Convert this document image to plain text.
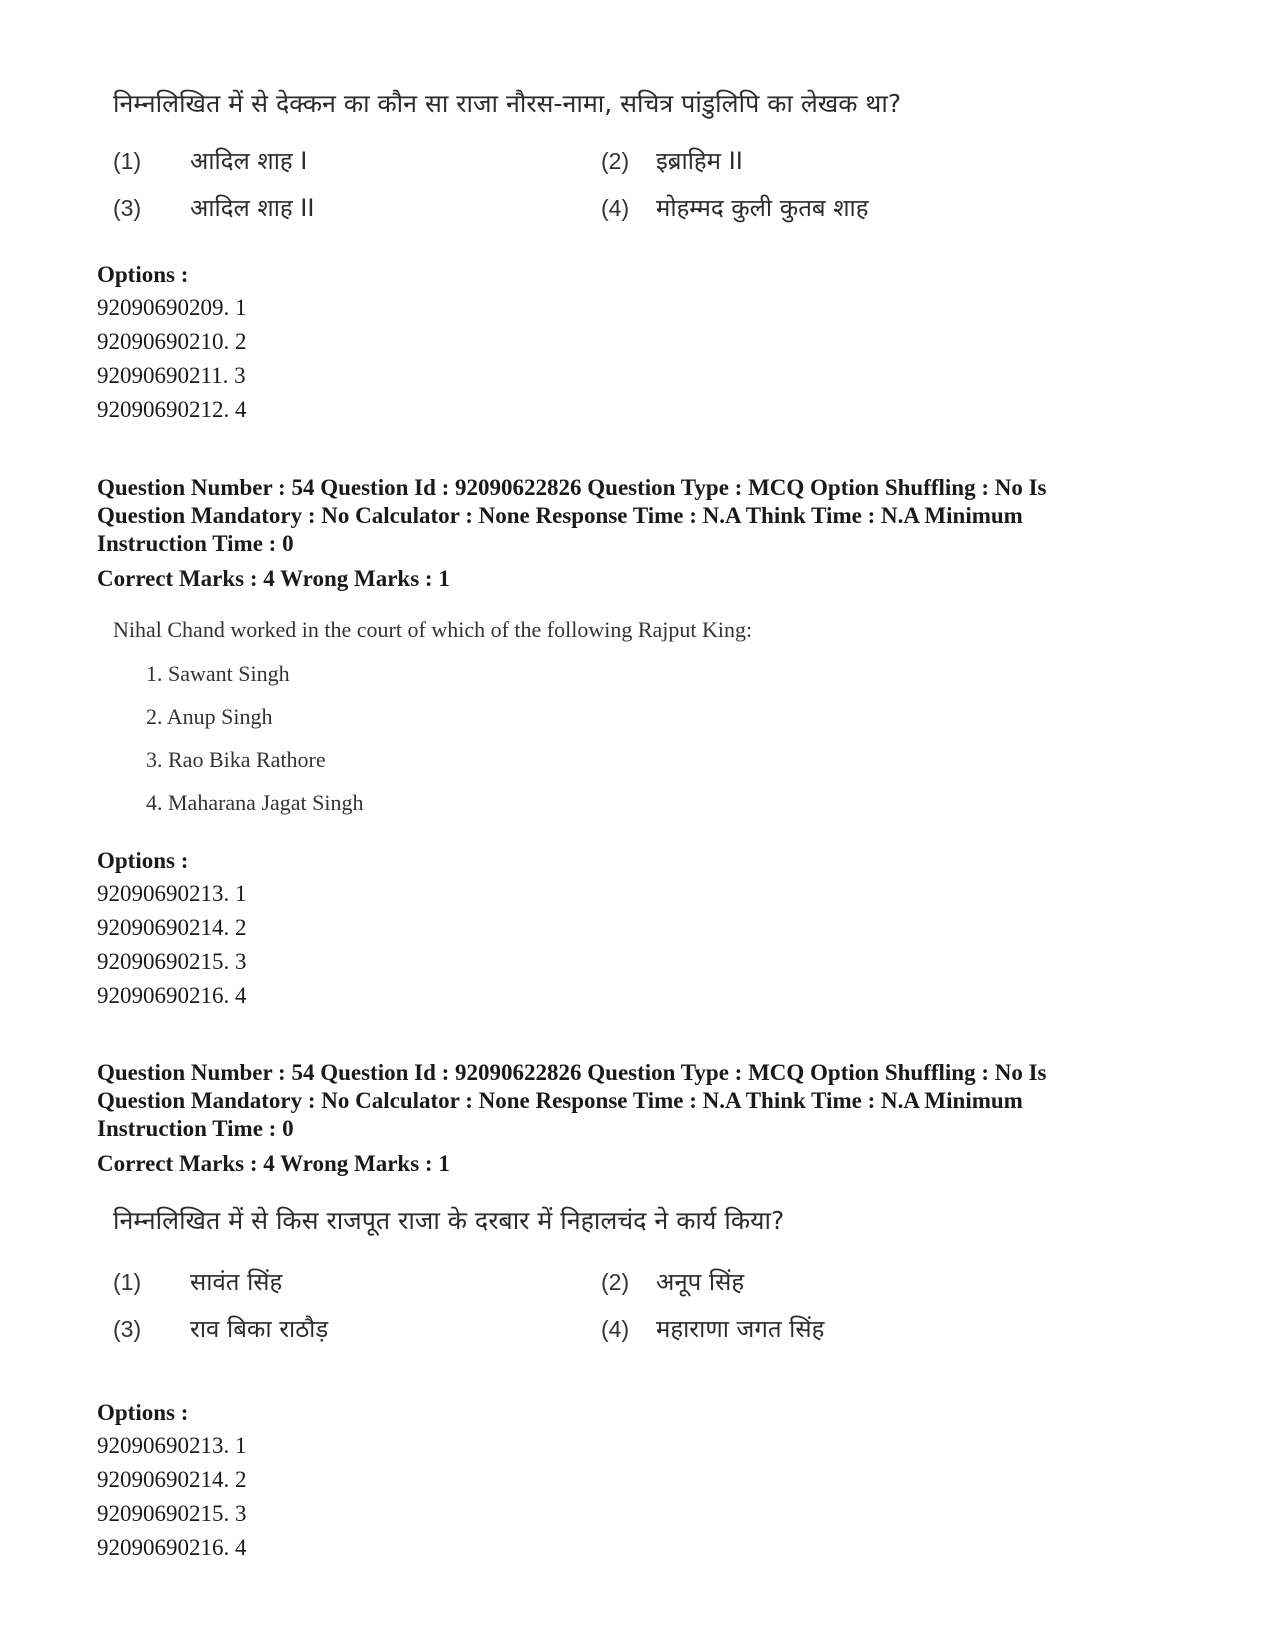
निम्नलिखित में से देक्कन का कौन सा राजा नौरस-नामा, सचित्र पांडुलिपि का लेखक था?
(1) आदिल शाह I	(2) इब्राहिम II
(3) आदिल शाह II	(4) मोहम्मद कुली कुतब शाह
Options :
92090690209. 1
92090690210. 2
92090690211. 3
92090690212. 4
Question Number : 54 Question Id : 92090622826 Question Type : MCQ Option Shuffling : No Is
Question Mandatory : No Calculator : None Response Time : N.A Think Time : N.A Minimum
Instruction Time : 0
Correct Marks : 4 Wrong Marks : 1
Nihal Chand worked in the court of which of the following Rajput King:
1. Sawant Singh
2. Anup Singh
3. Rao Bika Rathore
4. Maharana Jagat Singh
Options :
92090690213. 1
92090690214. 2
92090690215. 3
92090690216. 4
Question Number : 54 Question Id : 92090622826 Question Type : MCQ Option Shuffling : No Is
Question Mandatory : No Calculator : None Response Time : N.A Think Time : N.A Minimum
Instruction Time : 0
Correct Marks : 4 Wrong Marks : 1
निम्नलिखित में से किस राजपूत राजा के दरबार में निहालचंद ने कार्य किया?
(1) सावंत सिंह	(2) अनूप सिंह
(3) राव बिका राठौड़	(4) महाराणा जगत सिंह
Options :
92090690213. 1
92090690214. 2
92090690215. 3
92090690216. 4
